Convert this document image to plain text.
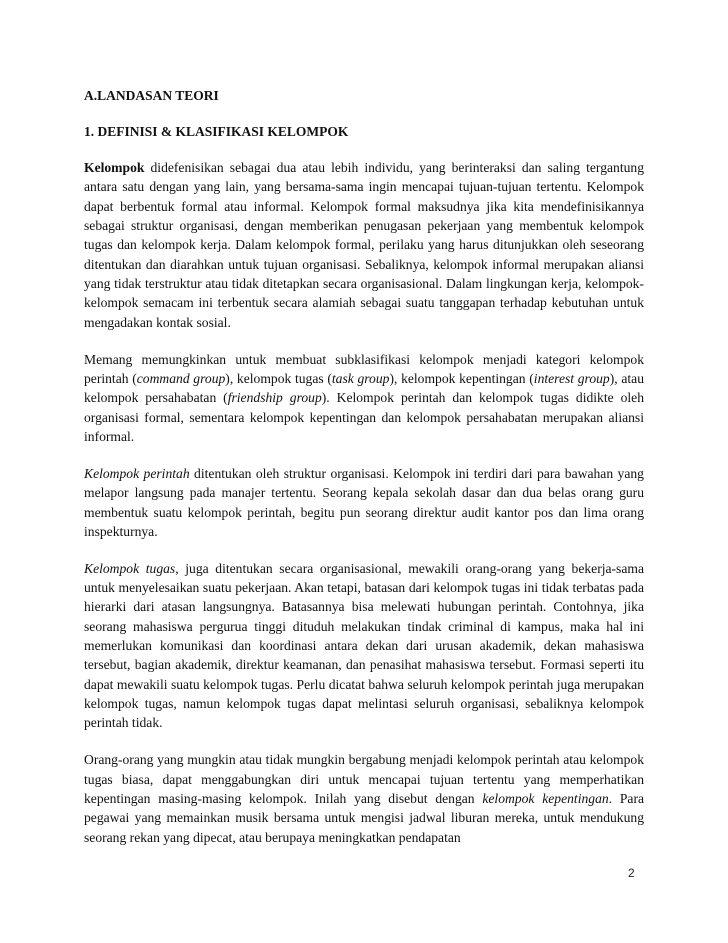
A.LANDASAN TEORI
1. DEFINISI & KLASIFIKASI KELOMPOK
Kelompok didefenisikan sebagai dua atau lebih individu, yang berinteraksi dan saling tergantung antara satu dengan yang lain, yang bersama-sama ingin mencapai tujuan-tujuan tertentu. Kelompok dapat berbentuk formal atau informal. Kelompok formal maksudnya jika kita mendefinisikannya sebagai struktur organisasi, dengan memberikan penugasan pekerjaan yang membentuk kelompok tugas dan kelompok kerja. Dalam kelompok formal, perilaku yang harus ditunjukkan oleh seseorang ditentukan dan diarahkan untuk tujuan organisasi. Sebaliknya, kelompok informal merupakan aliansi yang tidak terstruktur atau tidak ditetapkan secara organisasional. Dalam lingkungan kerja, kelompok-kelompok semacam ini terbentuk secara alamiah sebagai suatu tanggapan terhadap kebutuhan untuk mengadakan kontak sosial.
Memang memungkinkan untuk membuat subklasifikasi kelompok menjadi kategori kelompok perintah (command group), kelompok tugas (task group), kelompok kepentingan (interest group), atau kelompok persahabatan (friendship group). Kelompok perintah dan kelompok tugas didikte oleh organisasi formal, sementara kelompok kepentingan dan kelompok persahabatan merupakan aliansi informal.
Kelompok perintah ditentukan oleh struktur organisasi. Kelompok ini terdiri dari para bawahan yang melapor langsung pada manajer tertentu. Seorang kepala sekolah dasar dan dua belas orang guru membentuk suatu kelompok perintah, begitu pun seorang direktur audit kantor pos dan lima orang inspekturnya.
Kelompok tugas, juga ditentukan secara organisasional, mewakili orang-orang yang bekerja-sama untuk menyelesaikan suatu pekerjaan. Akan tetapi, batasan dari kelompok tugas ini tidak terbatas pada hierarki dari atasan langsungnya. Batasannya bisa melewati hubungan perintah. Contohnya, jika seorang mahasiswa pergurua tinggi dituduh melakukan tindak criminal di kampus, maka hal ini memerlukan komunikasi dan koordinasi antara dekan dari urusan akademik, dekan mahasiswa tersebut, bagian akademik, direktur keamanan, dan penasihat mahasiswa tersebut. Formasi seperti itu dapat mewakili suatu kelompok tugas. Perlu dicatat bahwa seluruh kelompok perintah juga merupakan kelompok tugas, namun kelompok tugas dapat melintasi seluruh organisasi, sebaliknya kelompok perintah tidak.
Orang-orang yang mungkin atau tidak mungkin bergabung menjadi kelompok perintah atau kelompok tugas biasa, dapat menggabungkan diri untuk mencapai tujuan tertentu yang memperhatikan kepentingan masing-masing kelompok. Inilah yang disebut dengan kelompok kepentingan. Para pegawai yang memainkan musik bersama untuk mengisi jadwal liburan mereka, untuk mendukung seorang rekan yang dipecat, atau berupaya meningkatkan pendapatan
2
